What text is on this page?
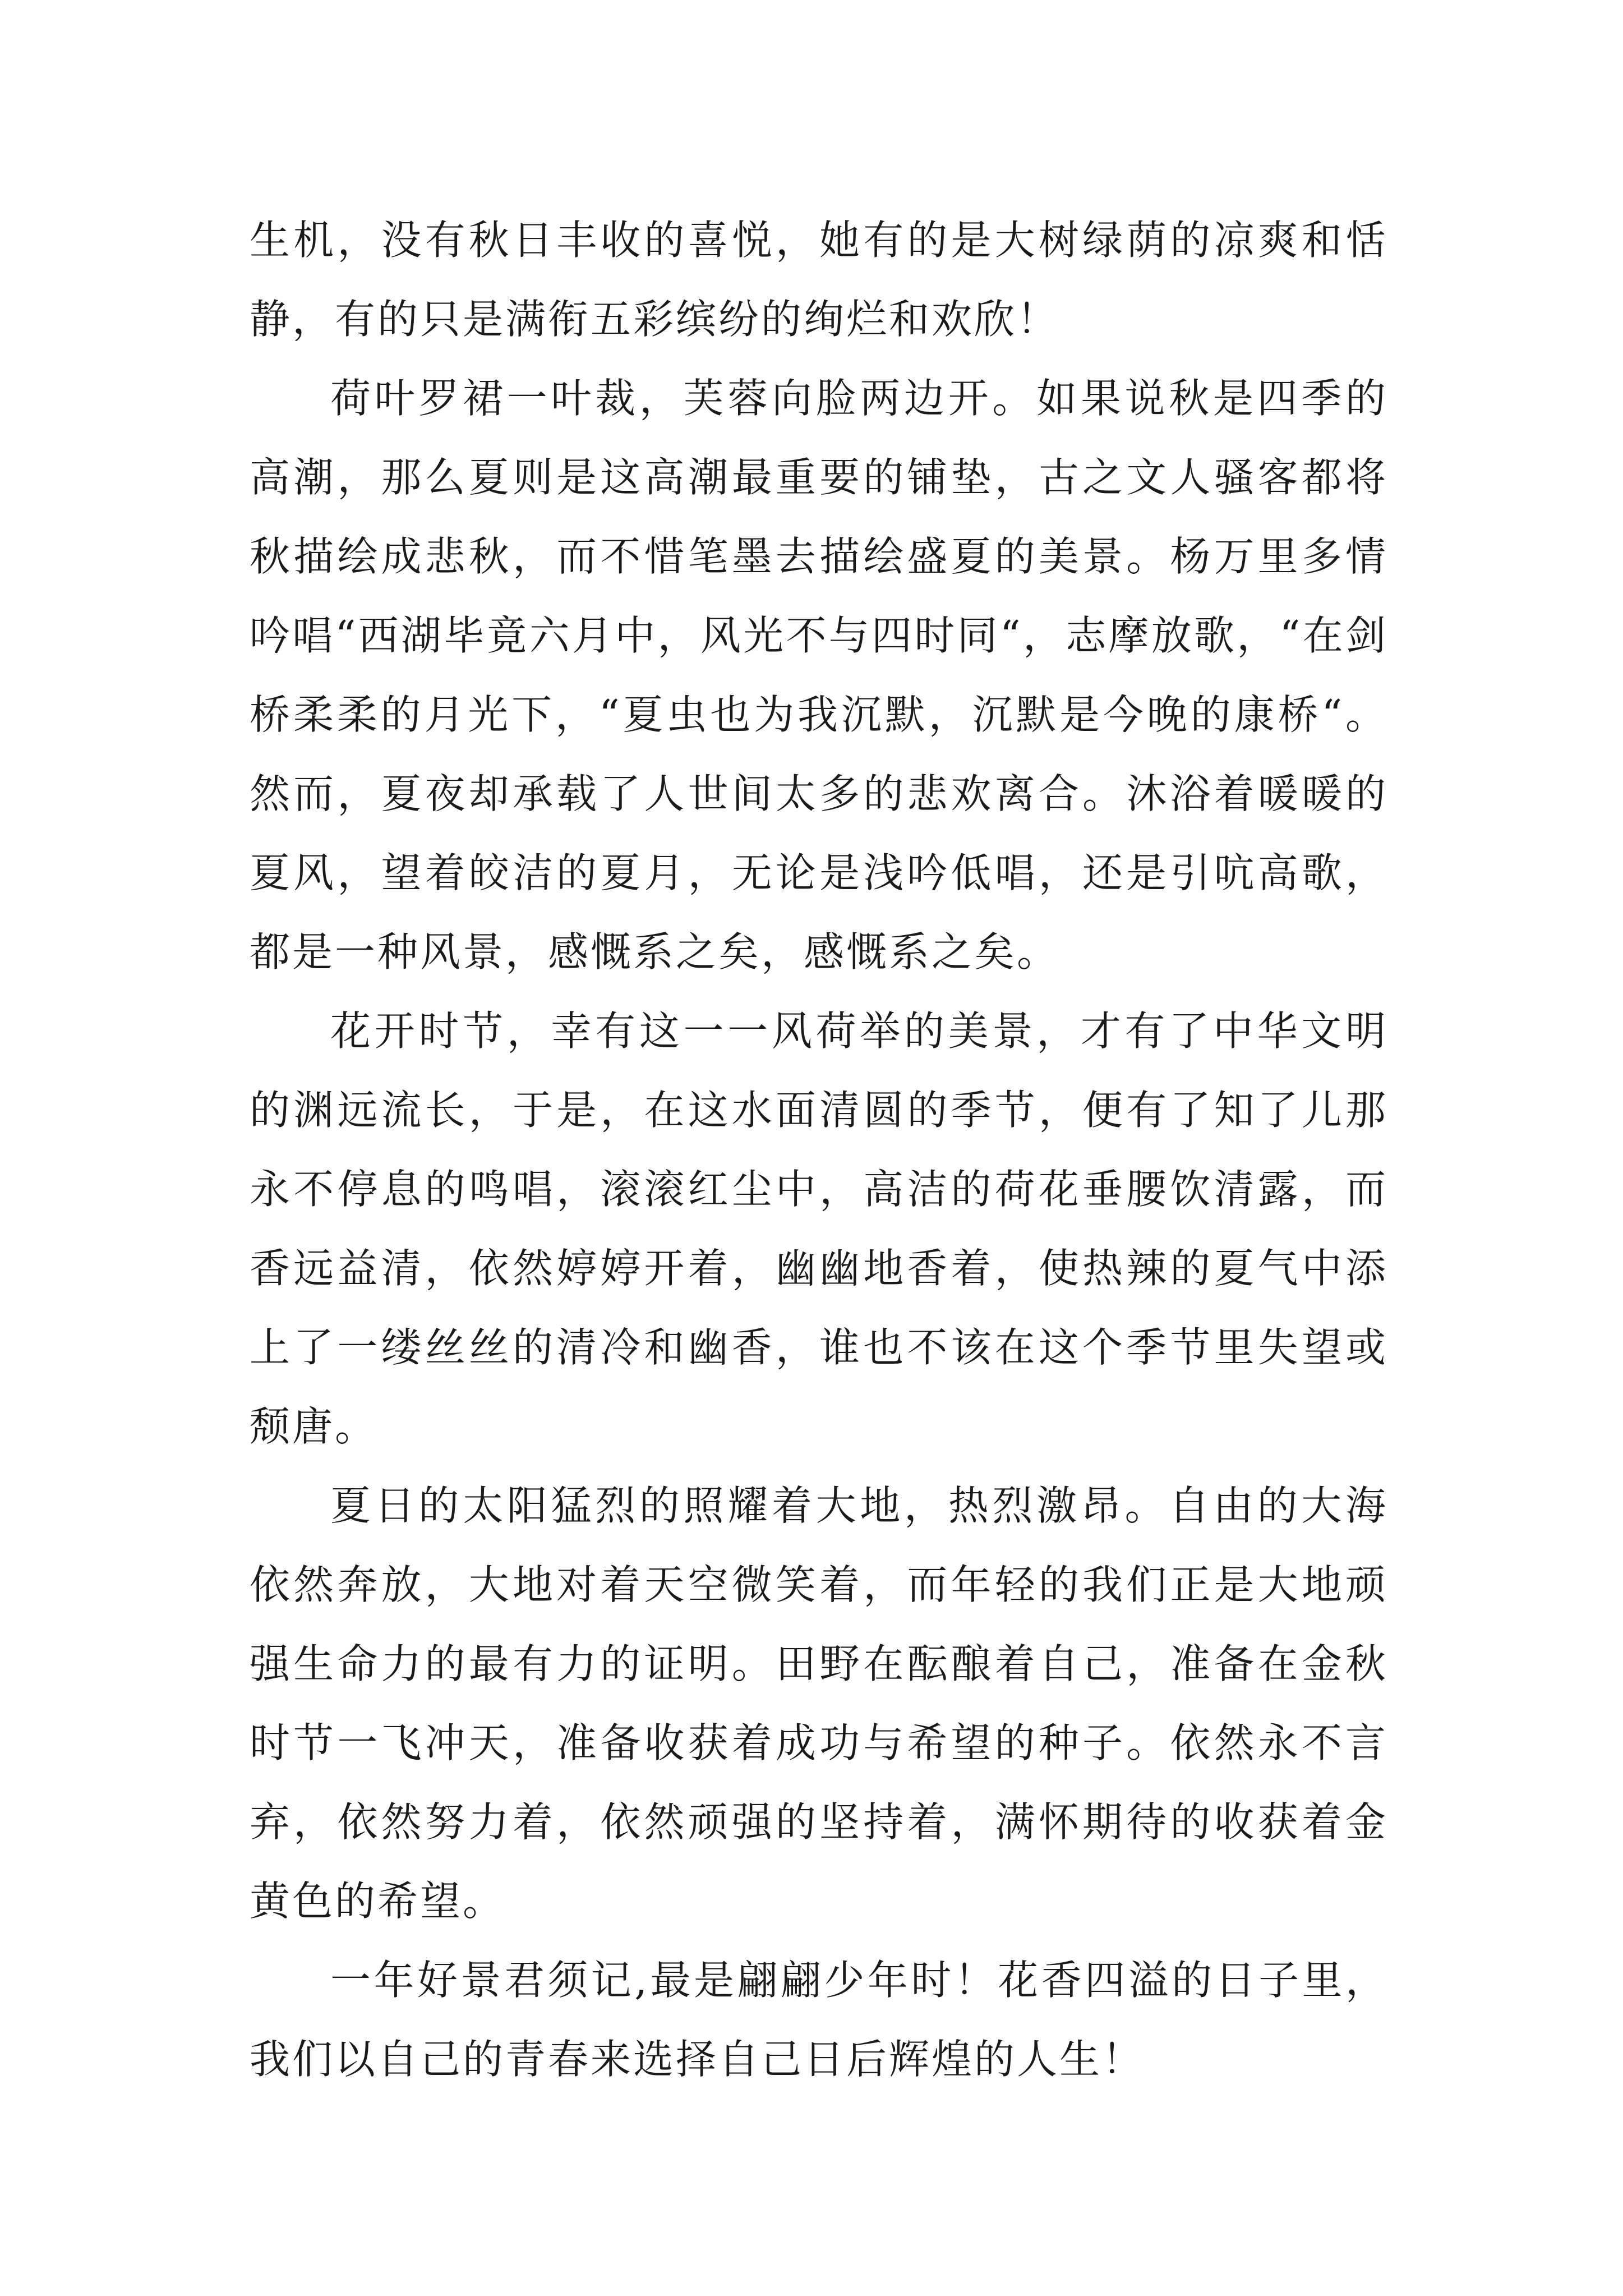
生机，没有秋日丰收的喜悦，她有的是大树绿荫的凉爽和恬静，有的只是满衔五彩缤纷的绚烂和欢欣！

荷叶罗裙一叶裁，芙蓉向脸两边开。如果说秋是四季的高潮，那么夏则是这高潮最重要的铺垫，古之文人骚客都将秋描绘成悲秋，而不惜笔墨去描绘盛夏的美景。杨万里多情吟唱“西湖毕竟六月中，风光不与四时同“，志摩放歌，“在剑桥柔柔的月光下，“夏虫也为我沉默，沉默是今晚的康桥“。然而，夏夜却承载了人世间太多的悲欢离合。沐浴着暖暖的夏风，望着皎洁的夏月，无论是浅吟低唱，还是引吭高歌，都是一种风景，感慨系之矣，感慨系之矣。

花开时节，幸有这一一风荷举的美景，才有了中华文明的渊远流长，于是，在这水面清圆的季节，便有了知了儿那永不停息的鸣唱，滚滚红尘中，高洁的荷花垂腰饮清露，而香远益清，依然婷婷开着，幽幽地香着，使热辣的夏气中添上了一缕丝丝的清冷和幽香，谁也不该在这个季节里失望或颓唐。

夏日的太阳猛烈的照耀着大地，热烈激昂。自由的大海依然奔放，大地对着天空微笑着，而年轻的我们正是大地顽强生命力的最有力的证明。田野在酝酿着自己，准备在金秋时节一飞冲天，准备收获着成功与希望的种子。依然永不言弃，依然努力着，依然顽强的坚持着，满怀期待的收获着金黄色的希望。

一年好景君须记,最是翩翩少年时！花香四溢的日子里，我们以自己的青春来选择自己日后辉煌的人生！
